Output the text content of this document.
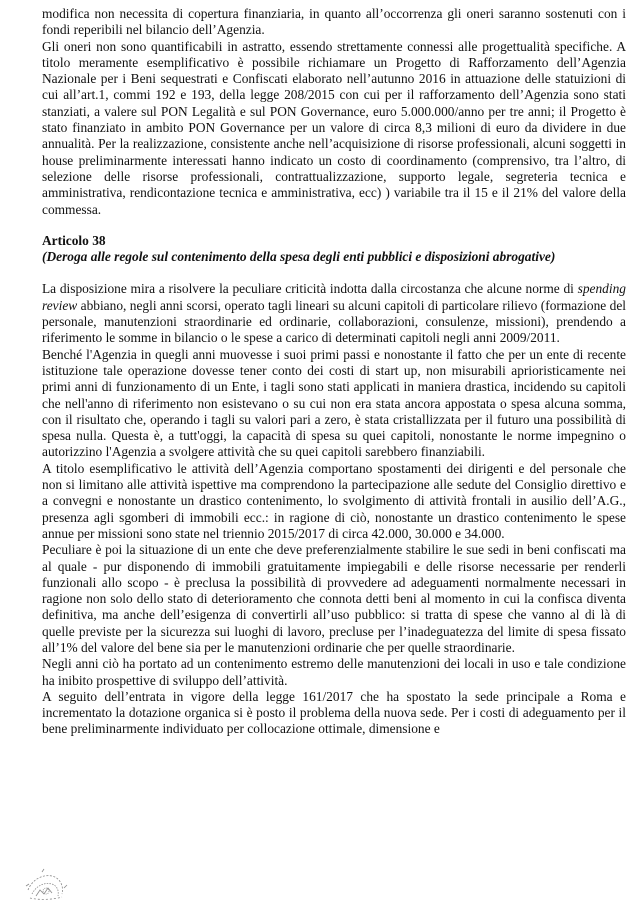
modifica non necessita di copertura finanziaria, in quanto all’occorrenza gli oneri saranno sostenuti con i fondi reperibili nel bilancio dell’Agenzia.

Gli oneri non sono quantificabili in astratto, essendo strettamente connessi alle progettualità specifiche. A titolo meramente esemplificativo è possibile richiamare un Progetto di Rafforzamento dell’Agenzia Nazionale per i Beni sequestrati e Confiscati elaborato nell’autunno 2016 in attuazione delle statuizioni di cui all’art.1, commi 192 e 193, della legge 208/2015 con cui per il rafforzamento dell’Agenzia sono stati stanziati, a valere sul PON Legalità e sul PON Governance, euro 5.000.000/anno per tre anni; il Progetto è stato finanziato in ambito PON Governance per un valore di circa 8,3 milioni di euro da dividere in due annualità. Per la realizzazione, consistente anche nell’acquisizione di risorse professionali, alcuni soggetti in house preliminarmente interessati hanno indicato un costo di coordinamento (comprensivo, tra l’altro, di selezione delle risorse professionali, contrattualizzazione, supporto legale, segreteria tecnica e amministrativa, rendicontazione tecnica e amministrativa, ecc) ) variabile tra il 15 e il 21% del valore della commessa.

Articolo 38

(Deroga alle regole sul contenimento della spesa degli enti pubblici e disposizioni abrogative)

La disposizione mira a risolvere la peculiare criticità indotta dalla circostanza che alcune norme di spending review abbiano, negli anni scorsi, operato tagli lineari su alcuni capitoli di particolare rilievo (formazione del personale, manutenzioni straordinarie ed ordinarie, collaborazioni, consulenze, missioni), prendendo a riferimento le somme in bilancio o le spese a carico di determinati capitoli negli anni 2009/2011.

Benché l'Agenzia in quegli anni muovesse i suoi primi passi e nonostante il fatto che per un ente di recente istituzione tale operazione dovesse tener conto dei costi di start up, non misurabili aprioristicamente nei primi anni di funzionamento di un Ente, i tagli sono stati applicati in maniera drastica, incidendo su capitoli che nell'anno di riferimento non esistevano o su cui non era stata ancora appostata o spesa alcuna somma, con il risultato che, operando i tagli su valori pari a zero, è stata cristallizzata per il futuro una possibilità di spesa nulla. Questa è, a tutt'oggi, la capacità di spesa su quei capitoli, nonostante le norme impegnino o autorizzino l'Agenzia a svolgere attività che su quei capitoli sarebbero finanziabili.

A titolo esemplificativo le attività dell’Agenzia comportano spostamenti dei dirigenti e del personale che non si limitano alle attività ispettive ma comprendono la partecipazione alle sedute del Consiglio direttivo e a convegni e nonostante un drastico contenimento, lo svolgimento di attività frontali in ausilio dell’A.G., presenza agli sgomberi di immobili ecc.: in ragione di ciò, nonostante un drastico contenimento le spese annue per missioni sono state nel triennio 2015/2017 di circa 42.000, 30.000 e 34.000.

Peculiare è poi la situazione di un ente che deve preferenzialmente stabilire le sue sedi in beni confiscati ma al quale - pur disponendo di immobili gratuitamente impiegabili e delle risorse necessarie per renderli funzionali allo scopo - è preclusa la possibilità di provvedere ad adeguamenti normalmente necessari in ragione non solo dello stato di deterioramento che connota detti beni al momento in cui la confisca diventa definitiva, ma anche dell’esigenza di convertirli all’uso pubblico: si tratta di spese che vanno al di là di quelle previste per la sicurezza sui luoghi di lavoro, precluse per l’inadeguatezza del limite di spesa fissato all’1% del valore del bene sia per le manutenzioni ordinarie che per quelle straordinarie.

Negli anni ciò ha portato ad un contenimento estremo delle manutenzioni dei locali in uso e tale condizione ha inibito prospettive di sviluppo dell’attività.

A seguito dell’entrata in vigore della legge 161/2017 che ha spostato la sede principale a Roma e incrementato la dotazione organica si è posto il problema della nuova sede. Per i costi di adeguamento per il bene preliminarmente individuato per collocazione ottimale, dimensione e
